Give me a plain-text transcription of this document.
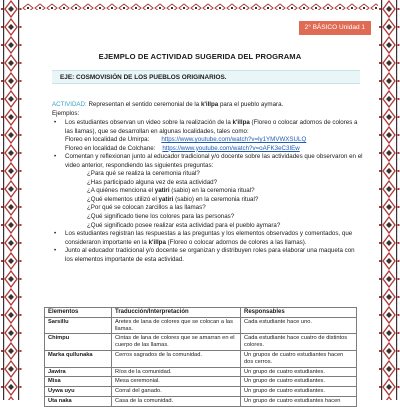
2° BÁSICO Unidad 1
EJEMPLO DE ACTIVIDAD SUGERIDA DEL PROGRAMA
EJE: COSMOVISIÓN DE LOS PUEBLOS ORIGINARIOS.
ACTIVIDAD: Representan el sentido ceremonial de la k'illpa para el pueblo aymara.
Ejemplos:
• Los estudiantes observan un video sobre la realización de la k'illpa (Floreo o colocar adornos de colores a las llamas), que se desarrollan en algunas localidades, tales como:
Floreo en localidad de Umirpa: https://www.youtube.com/watch?v=ly1YMVWXSULQ
Floreo en localidad de Colchane: https://www.youtube.com/watch?v=oAFK3eC3IEw
• Comentan y reflexionan junto al educador tradicional y/o docente sobre las actividades que observaron en el video anterior, respondiendo las siguientes preguntas:
¿Para qué se realiza la ceremonia ritual?
¿Has participado alguna vez de esta actividad?
¿A quiénes menciona el yatiri (sabio) en la ceremonia ritual?
¿Qué elementos utilizó el yatiri (sabio) en la ceremonia ritual?
¿Por qué se colocan zarcillos a las llamas?
¿Qué significado tiene los colores para las personas?
¿Qué significado posee realizar esta actividad para el pueblo aymara?
• Los estudiantes registran las respuestas a las preguntas y los elementos observados y comentados, que consideraron importante en la k'illpa (Floreo o colocar adornos de colores a las llamas).
• Junto al educador tradicional y/o docente se organizan y distribuyen roles para elaborar una maqueta con los elementos importante de esta actividad.
Elementos	Traducción/Interpretación	Responsables
Sarsillu	Aretes de lana de colores que se colocan a las llamas.	Cada estudiante hace uno.
Chimpu	Cintas de lana de colores que se amarran en el cuerpo de las llamas.	Cada estudiante hace cuatro de distintos colores.
Marka qullunaka	Cerros sagrados de la comunidad.	Un grupos de cuatro estudiantes hacen dos cerros.
Jawira	Ríos de la comunidad.	Un grupo de cuatro estudiantes.
Misa	Mesa ceremonial.	Un grupo de cuatro estudiantes.
Uywa uyu	Corral del ganado.	Un grupo de cuatro estudiantes.
Uta naka	Casa de la comunidad.	Un grupo de cuatro estudiantes hacen
